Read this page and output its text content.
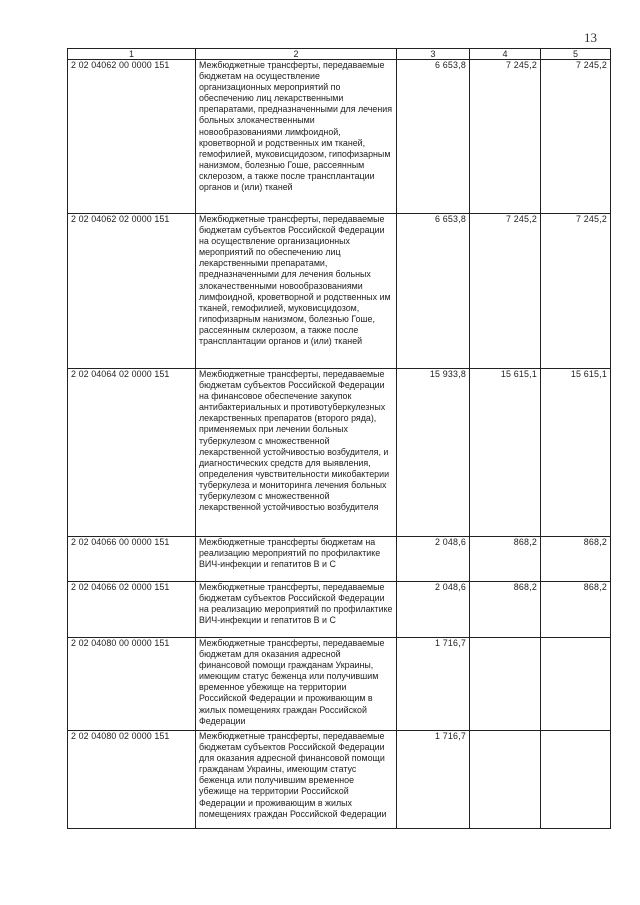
13
1	2	3	4	5
2 02 04062 00 0000 151	Межбюджетные трансферты, передаваемые бюджетам на осуществление организационных мероприятий по обеспечению лиц лекарственными препаратами, предназначенными для лечения больных злокачественными новообразованиями лимфоидной, кроветворной и родственных им тканей, гемофилией, муковисцидозом, гипофизарным нанизмом, болезнью Гоше, рассеянным склерозом, а также после трансплантации органов и (или) тканей	6 653,8	7 245,2	7 245,2
2 02 04062 02 0000 151	Межбюджетные трансферты, передаваемые бюджетам субъектов Российской Федерации на осуществление организационных мероприятий по обеспечению лиц лекарственными препаратами, предназначенными для лечения больных злокачественными новообразованиями лимфоидной, кроветворной и родственных им тканей, гемофилией, муковисцидозом, гипофизарным нанизмом, болезнью Гоше, рассеянным склерозом, а также после трансплантации органов и (или) тканей	6 653,8	7 245,2	7 245,2
2 02 04064 02 0000 151	Межбюджетные трансферты, передаваемые бюджетам субъектов Российской Федерации на финансовое обеспечение закупок антибактериальных и противотуберкулезных лекарственных препаратов (второго ряда), применяемых при лечении больных туберкулезом с множественной лекарственной устойчивостью возбудителя, и диагностических средств для выявления, определения чувствительности микобактерии туберкулеза и мониторинга лечения больных туберкулезом с множественной лекарственной устойчивостью возбудителя	15 933,8	15 615,1	15 615,1
2 02 04066 00 0000 151	Межбюджетные трансферты бюджетам на реализацию мероприятий по профилактике ВИЧ-инфекции и гепатитов В и С	2 048,6	868,2	868,2
2 02 04066 02 0000 151	Межбюджетные трансферты, передаваемые бюджетам субъектов Российской Федерации на реализацию мероприятий по профилактике ВИЧ-инфекции и гепатитов В и С	2 048,6	868,2	868,2
2 02 04080 00 0000 151	Межбюджетные трансферты, передаваемые бюджетам для оказания адресной финансовой помощи гражданам Украины, имеющим статус беженца или получившим временное убежище на территории Российской Федерации и проживающим в жилых помещениях граждан Российской Федерации	1 716,7		
2 02 04080 02 0000 151	Межбюджетные трансферты, передаваемые бюджетам субъектов Российской Федерации для оказания адресной финансовой помощи гражданам Украины, имеющим статус беженца или получившим временное убежище на территории Российской Федерации и проживающим в жилых помещениях граждан Российской Федерации	1 716,7		
